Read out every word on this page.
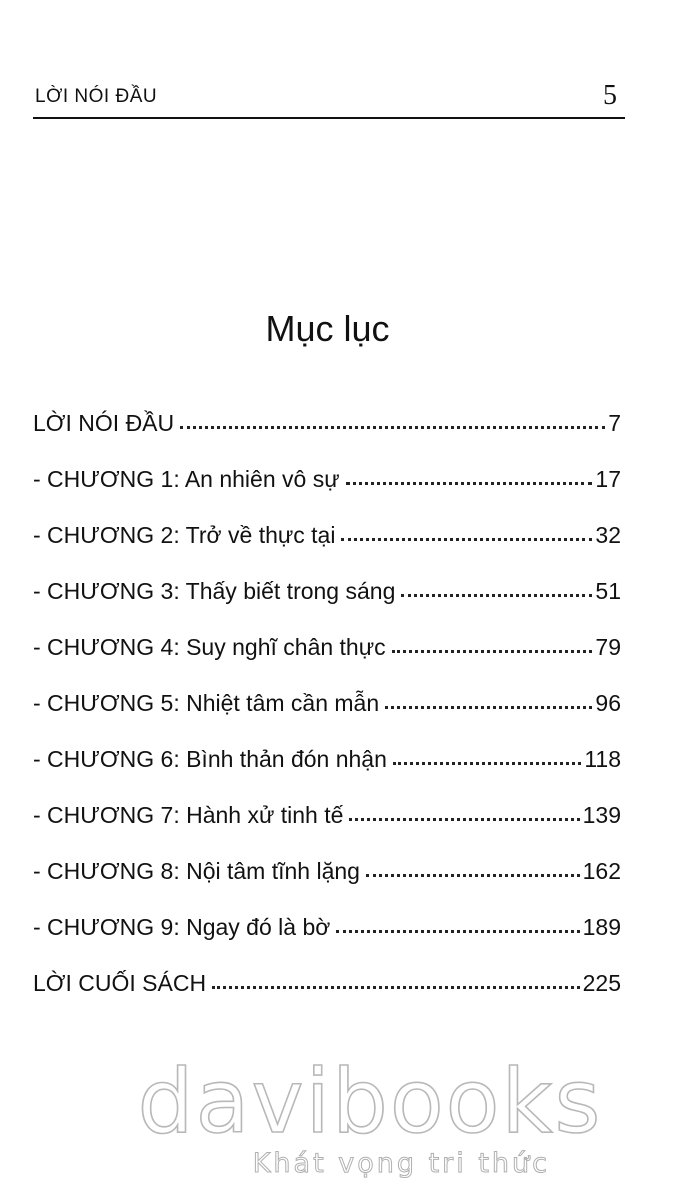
LỜI NÓI ĐẦU	5
Mục lục
LỜI NÓI ĐẦU	7
- CHƯƠNG 1: An nhiên vô sự	17
- CHƯƠNG 2: Trở về thực tại	32
- CHƯƠNG 3: Thấy biết trong sáng	51
- CHƯƠNG 4: Suy nghĩ chân thực	79
- CHƯƠNG 5: Nhiệt tâm cần mẫn	96
- CHƯƠNG 6: Bình thản đón nhận	118
- CHƯƠNG 7: Hành xử tinh tế	139
- CHƯƠNG 8: Nội tâm tĩnh lặng	162
- CHƯƠNG 9: Ngay đó là bờ	189
LỜI CUỐI SÁCH	225
davibooks
Khát vọng tri thức
